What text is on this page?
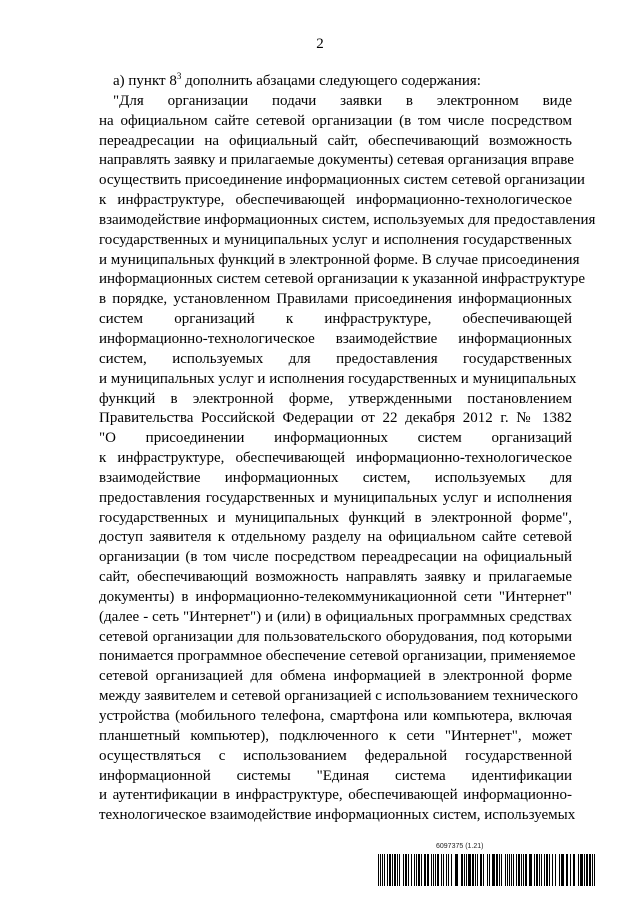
2
а) пункт $8^3$ дополнить абзацами следующего содержания:
"Для организации подачи заявки в электронном виде
на официальном сайте сетевой организации (в том числе посредством
переадресации на официальный сайт, обеспечивающий возможность
направлять заявку и прилагаемые документы) сетевая организация вправе
осуществить присоединение информационных систем сетевой организации
к инфраструктуре, обеспечивающей информационно-технологическое
взаимодействие информационных систем, используемых для предоставления
государственных и муниципальных услуг и исполнения государственных
и муниципальных функций в электронной форме. В случае присоединения
информационных систем сетевой организации к указанной инфраструктуре
в порядке, установленном Правилами присоединения информационных
систем организаций к инфраструктуре, обеспечивающей
информационно-технологическое взаимодействие информационных
систем, используемых для предоставления государственных
и муниципальных услуг и исполнения государственных и муниципальных
функций в электронной форме, утвержденными постановлением
Правительства Российской Федерации от 22 декабря 2012 г. № 1382
"О присоединении информационных систем организаций
к инфраструктуре, обеспечивающей информационно-технологическое
взаимодействие информационных систем, используемых для
предоставления государственных и муниципальных услуг и исполнения
государственных и муниципальных функций в электронной форме",
доступ заявителя к отдельному разделу на официальном сайте сетевой
организации (в том числе посредством переадресации на официальный
сайт, обеспечивающий возможность направлять заявку и прилагаемые
документы) в информационно-телекоммуникационной сети "Интернет"
(далее - сеть "Интернет") и (или) в официальных программных средствах
сетевой организации для пользовательского оборудования, под которыми
понимается программное обеспечение сетевой организации, применяемое
сетевой организацией для обмена информацией в электронной форме
между заявителем и сетевой организацией с использованием технического
устройства (мобильного телефона, смартфона или компьютера, включая
планшетный компьютер), подключенного к сети "Интернет", может
осуществляться с использованием федеральной государственной
информационной системы "Единая система идентификации
и аутентификации в инфраструктуре, обеспечивающей информационно-
технологическое взаимодействие информационных систем, используемых
6097375 (1.21)
